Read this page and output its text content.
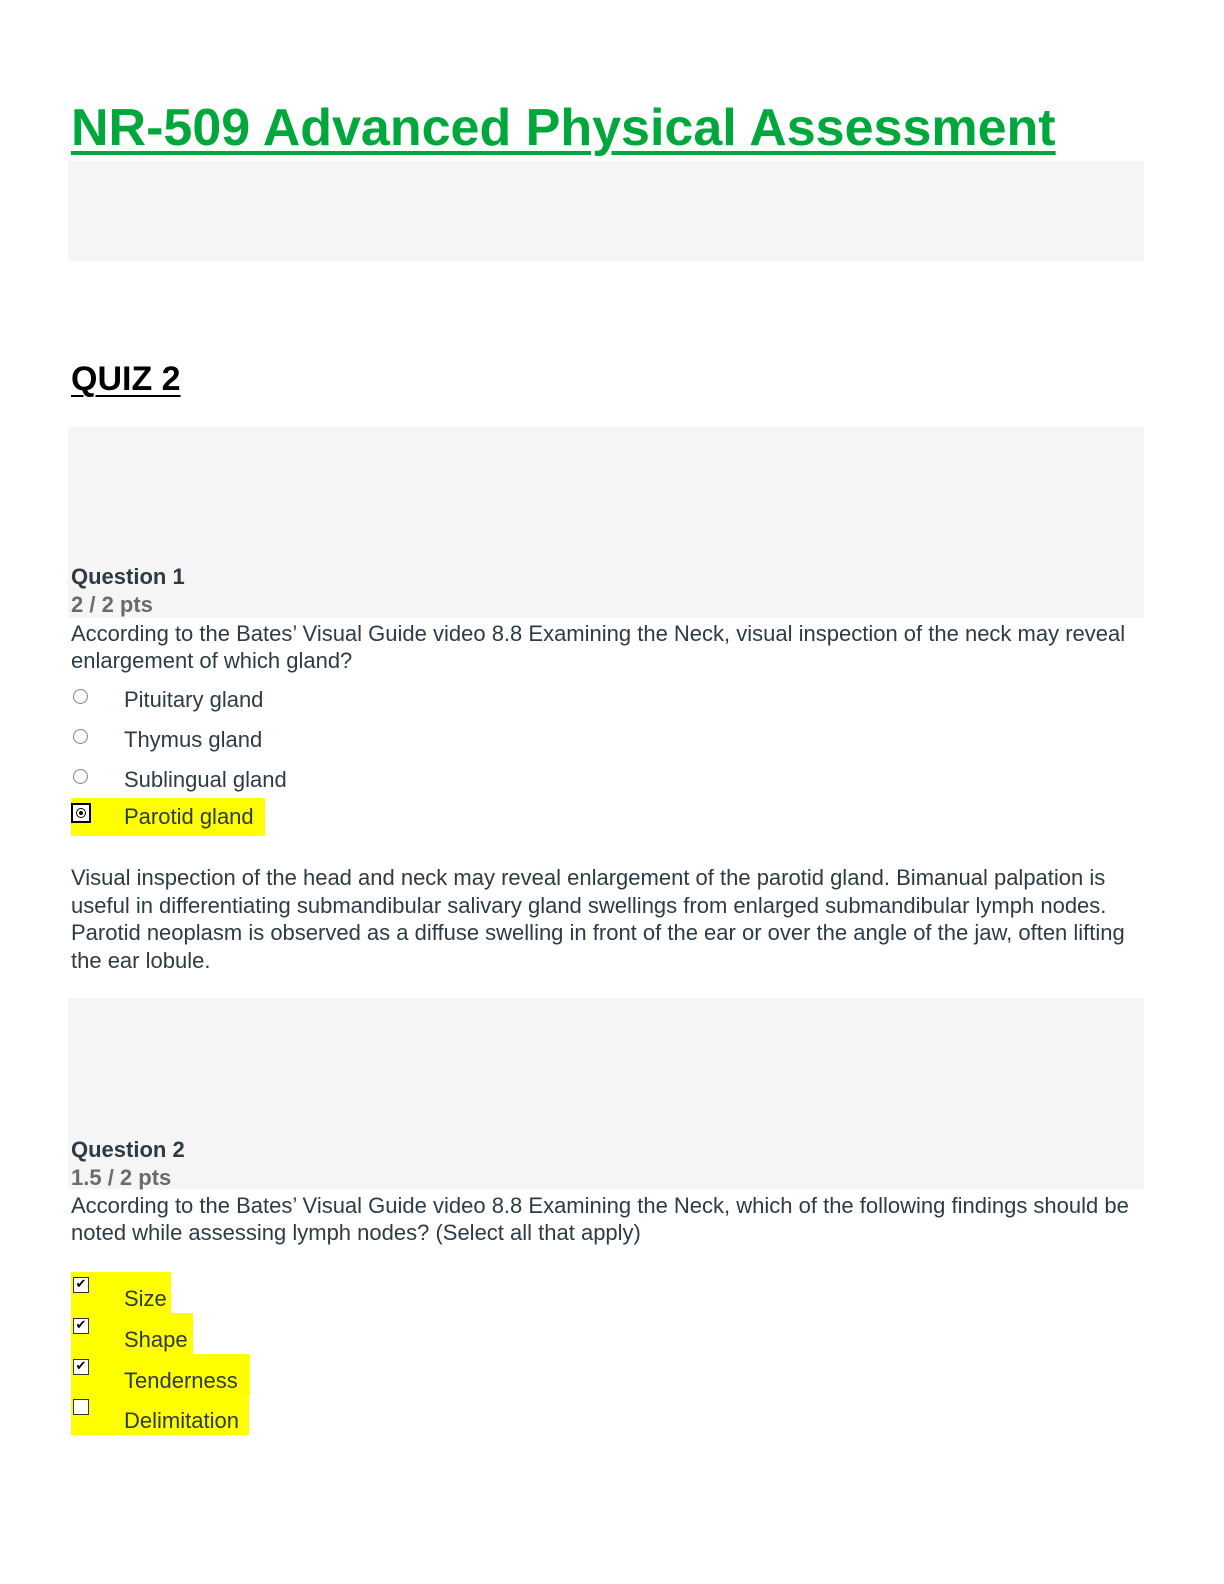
NR-509 Advanced Physical Assessment
QUIZ 2
Question 1
2 / 2 pts
According to the Bates’ Visual Guide video 8.8 Examining the Neck, visual inspection of the neck may reveal enlargement of which gland?
Pituitary gland
Thymus gland
Sublingual gland
Parotid gland
Visual inspection of the head and neck may reveal enlargement of the parotid gland. Bimanual palpation is useful in differentiating submandibular salivary gland swellings from enlarged submandibular lymph nodes. Parotid neoplasm is observed as a diffuse swelling in front of the ear or over the angle of the jaw, often lifting the ear lobule.
Question 2
1.5 / 2 pts
According to the Bates’ Visual Guide video 8.8 Examining the Neck, which of the following findings should be noted while assessing lymph nodes? (Select all that apply)
✔
Size
✔
Shape
✔
Tenderness
Delimitation
